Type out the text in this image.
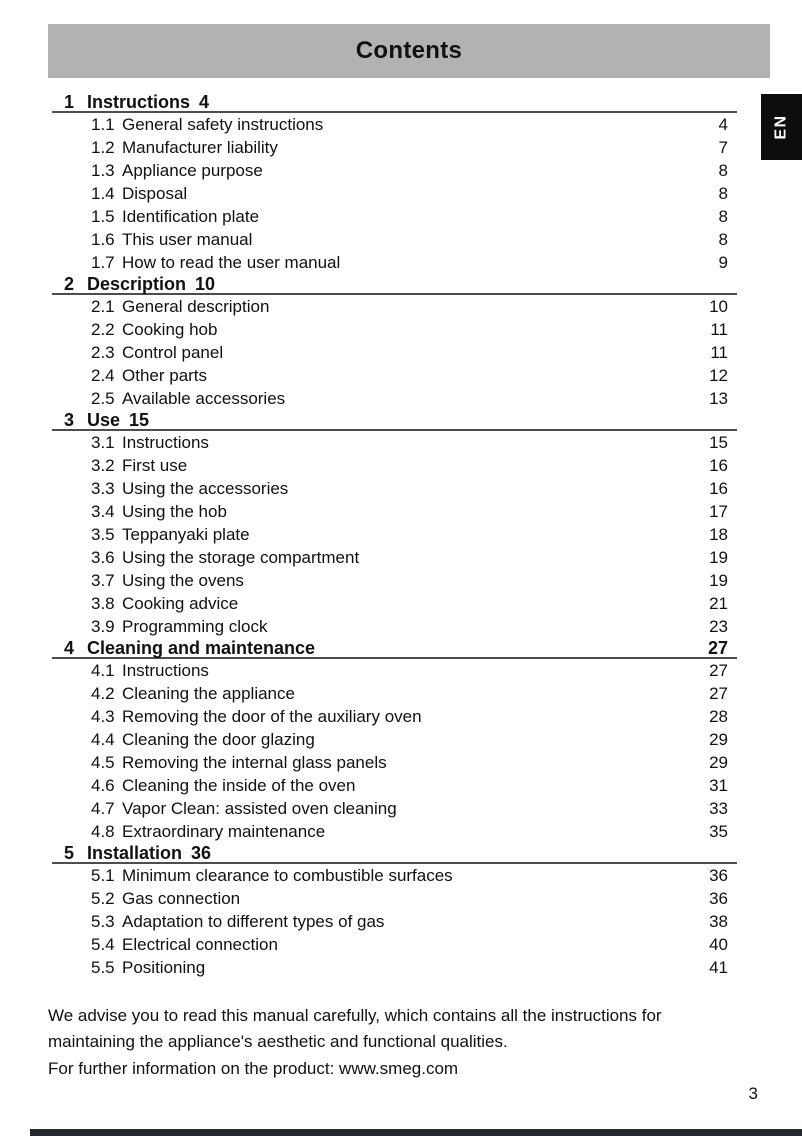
Contents
EN
1 Instructions 4
1.1 General safety instructions	4
1.2 Manufacturer liability	7
1.3 Appliance purpose	8
1.4 Disposal	8
1.5 Identification plate	8
1.6 This user manual	8
1.7 How to read the user manual	9
2 Description 10
2.1 General description	10
2.2 Cooking hob	11
2.3 Control panel	11
2.4 Other parts	12
2.5 Available accessories	13
3 Use 15
3.1 Instructions	15
3.2 First use	16
3.3 Using the accessories	16
3.4 Using the hob	17
3.5 Teppanyaki plate	18
3.6 Using the storage compartment	19
3.7 Using the ovens	19
3.8 Cooking advice	21
3.9 Programming clock	23
4 Cleaning and maintenance	27
4.1 Instructions	27
4.2 Cleaning the appliance	27
4.3 Removing the door of the auxiliary oven	28
4.4 Cleaning the door glazing	29
4.5 Removing the internal glass panels	29
4.6 Cleaning the inside of the oven	31
4.7 Vapor Clean: assisted oven cleaning	33
4.8 Extraordinary maintenance	35
5 Installation 36
5.1 Minimum clearance to combustible surfaces	36
5.2 Gas connection	36
5.3 Adaptation to different types of gas	38
5.4 Electrical connection	40
5.5 Positioning	41

We advise you to read this manual carefully, which contains all the instructions for maintaining the appliance's aesthetic and functional qualities.

For further information on the product: www.smeg.com

3
